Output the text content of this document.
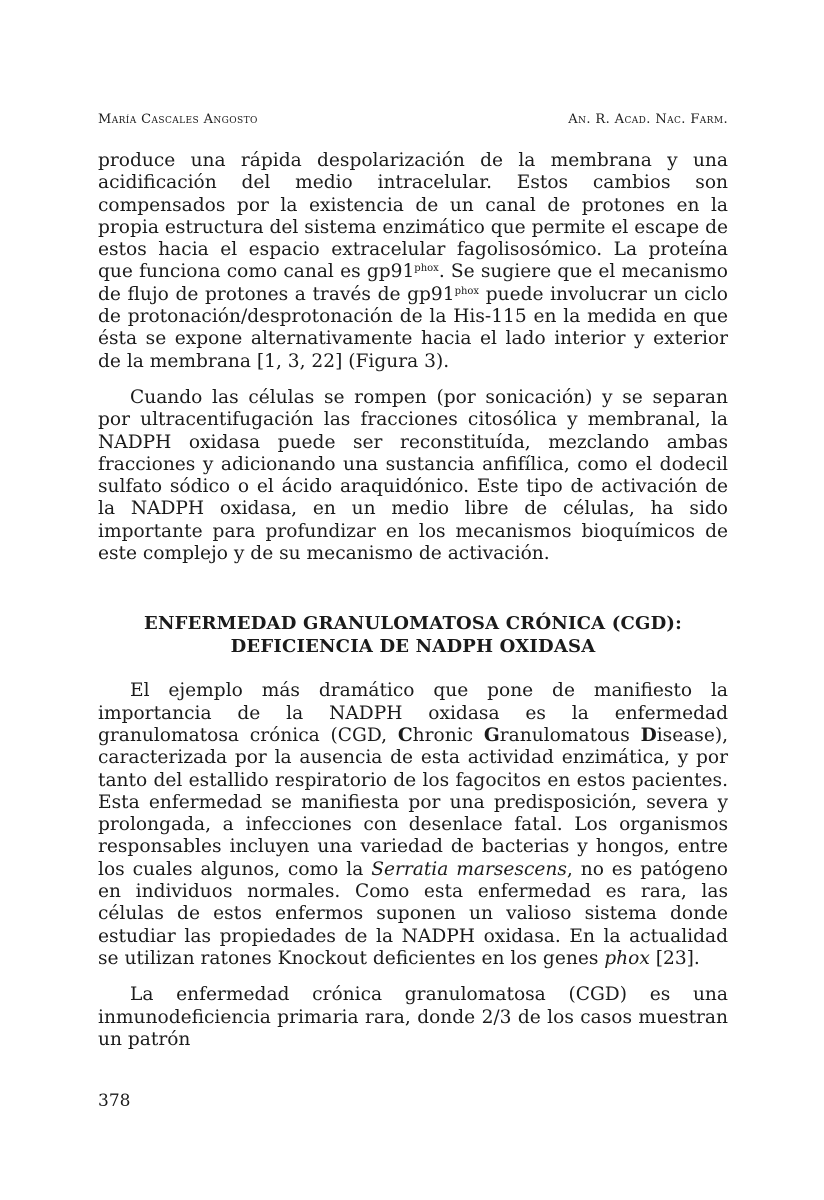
María Cascales Angosto	An. R. Acad. Nac. Farm.

produce una rápida despolarización de la membrana y una acidificación del medio intracelular. Estos cambios son compensados por la existencia de un canal de protones en la propia estructura del sistema enzimático que permite el escape de estos hacia el espacio extracelular fagolisosómico. La proteína que funciona como canal es $gp91^{phox}$. Se sugiere que el mecanismo de flujo de protones a través de $gp91^{phox}$ puede involucrar un ciclo de protonación/desprotonación de la His-115 en la medida en que ésta se expone alternativamente hacia el lado interior y exterior de la membrana [1, 3, 22] (Figura 3).

Cuando las células se rompen (por sonicación) y se separan por ultracentifugación las fracciones citosólica y membranal, la NADPH oxidasa puede ser reconstituída, mezclando ambas fracciones y adicionando una sustancia anfifílica, como el dodecil sulfato sódico o el ácido araquidónico. Este tipo de activación de la NADPH oxidasa, en un medio libre de células, ha sido importante para profundizar en los mecanismos bioquímicos de este complejo y de su mecanismo de activación.

ENFERMEDAD GRANULOMATOSA CRÓNICA (CGD):
DEFICIENCIA DE NADPH OXIDASA

El ejemplo más dramático que pone de manifiesto la importancia de la NADPH oxidasa es la enfermedad granulomatosa crónica (CGD, Chronic Granulomatous Disease), caracterizada por la ausencia de esta actividad enzimática, y por tanto del estallido respiratorio de los fagocitos en estos pacientes. Esta enfermedad se manifiesta por una predisposición, severa y prolongada, a infecciones con desenlace fatal. Los organismos responsables incluyen una variedad de bacterias y hongos, entre los cuales algunos, como la Serratia marsescens, no es patógeno en individuos normales. Como esta enfermedad es rara, las células de estos enfermos suponen un valioso sistema donde estudiar las propiedades de la NADPH oxidasa. En la actualidad se utilizan ratones Knockout deficientes en los genes phox [23].

La enfermedad crónica granulomatosa (CGD) es una inmunodeficiencia primaria rara, donde 2/3 de los casos muestran un patrón

378
